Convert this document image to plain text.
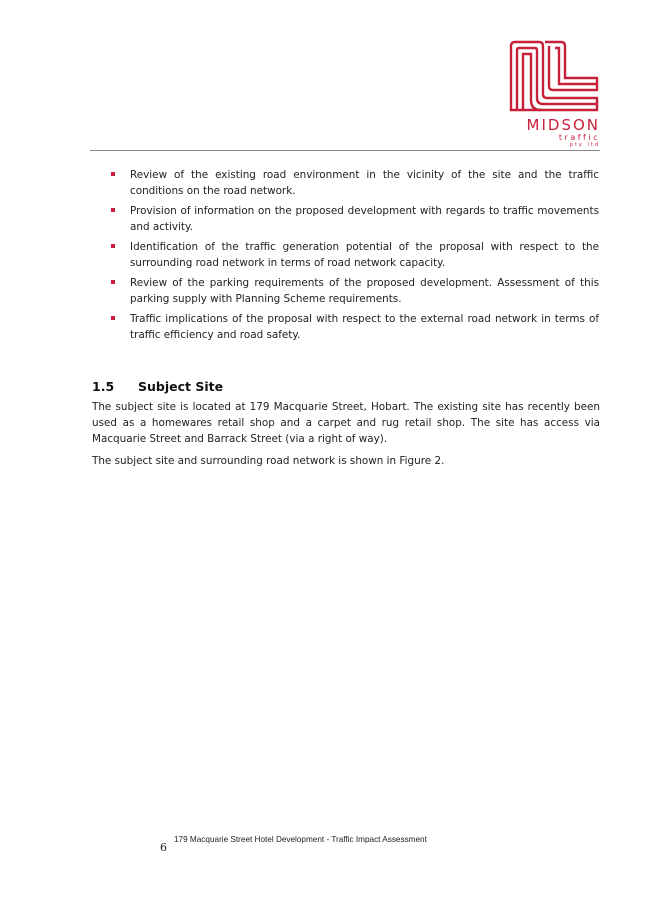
MIDSON
traffic
pty ltd
Review of the existing road environment in the vicinity of the site and the traffic conditions on the road network.
Provision of information on the proposed development with regards to traffic movements and activity.
Identification of the traffic generation potential of the proposal with respect to the surrounding road network in terms of road network capacity.
Review of the parking requirements of the proposed development. Assessment of this parking supply with Planning Scheme requirements.
Traffic implications of the proposal with respect to the external road network in terms of traffic efficiency and road safety.
1.5 Subject Site

The subject site is located at 179 Macquarie Street, Hobart. The existing site has recently been used as a homewares retail shop and a carpet and rug retail shop. The site has access via Macquarie Street and Barrack Street (via a right of way).

The subject site and surrounding road network is shown in Figure 2.

6
179 Macquarie Street Hotel Development - Traffic Impact Assessment
